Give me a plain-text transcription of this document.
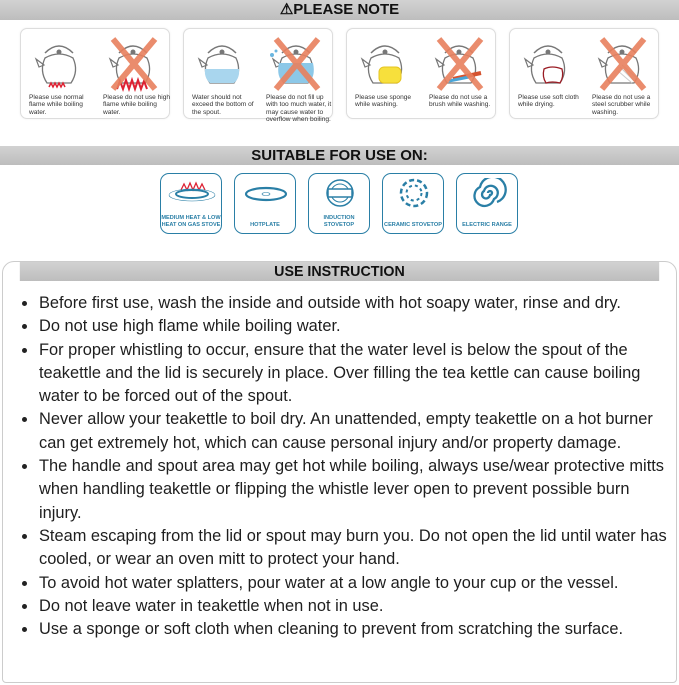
⚠PLEASE NOTE
Please use normal flame while boiling water.
Please do not use high flame while boiling water.
Water should not exceed the bottom of the spout.
Please do not fill up with too much water, it may cause water to overflow when boiling.
Please use sponge while washing.
Please do not use a brush while washing.
Please use soft cloth while drying.
Please do not use a steel scrubber while washing.
SUITABLE FOR USE ON:
MEDIUM HEAT & LOW HEAT ON GAS STOVE	HOTPLATE
INDUCTION STOVETOP	CERAMIC STOVETOP	ELECTRIC RANGE
USE INSTRUCTION
Before first use, wash the inside and outside with hot soapy water, rinse and dry.
Do not use high flame while boiling water.
For proper whistling to occur, ensure that the water level is below the spout of the teakettle and the lid is securely in place. Over filling the tea kettle can cause boiling water to be forced out of the spout.
Never allow your teakettle to boil dry. An unattended, empty teakettle on a hot burner can get extremely hot, which can cause personal injury and/or property damage.
The handle and spout area may get hot while boiling, always use/wear protective mitts when handling teakettle or flipping the whistle lever open to prevent possible burn injury.
Steam escaping from the lid or spout may burn you. Do not open the lid until water has cooled, or wear an oven mitt to protect your hand.
To avoid hot water splatters, pour water at a low angle to your cup or the vessel.
Do not leave water in teakettle when not in use.
Use a sponge or soft cloth when cleaning to prevent from scratching the surface.
